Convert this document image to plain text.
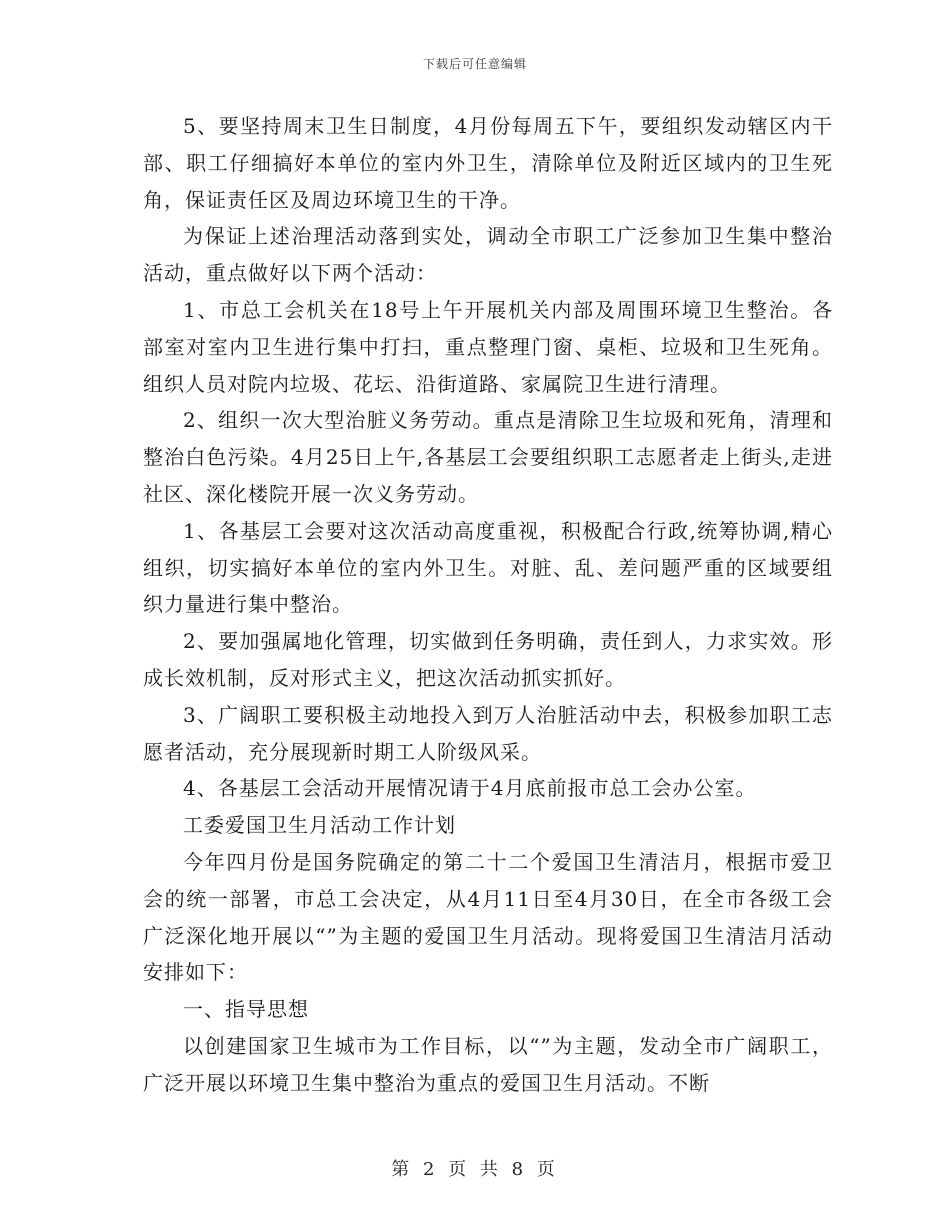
下载后可任意编辑

5、要坚持周末卫生日制度，4月份每周五下午，要组织发动辖区内干部、职工仔细搞好本单位的室内外卫生，清除单位及附近区域内的卫生死角，保证责任区及周边环境卫生的干净。

为保证上述治理活动落到实处，调动全市职工广泛参加卫生集中整治活动，重点做好以下两个活动：

1、市总工会机关在18号上午开展机关内部及周围环境卫生整治。各部室对室内卫生进行集中打扫，重点整理门窗、桌柜、垃圾和卫生死角。组织人员对院内垃圾、花坛、沿街道路、家属院卫生进行清理。

2、组织一次大型治脏义务劳动。重点是清除卫生垃圾和死角，清理和整治白色污染。4月25日上午,各基层工会要组织职工志愿者走上街头,走进社区、深化楼院开展一次义务劳动。

1、各基层工会要对这次活动高度重视，积极配合行政,统筹协调,精心组织，切实搞好本单位的室内外卫生。对脏、乱、差问题严重的区域要组织力量进行集中整治。

2、要加强属地化管理，切实做到任务明确，责任到人，力求实效。形成长效机制，反对形式主义，把这次活动抓实抓好。

3、广阔职工要积极主动地投入到万人治脏活动中去，积极参加职工志愿者活动，充分展现新时期工人阶级风采。

4、各基层工会活动开展情况请于4月底前报市总工会办公室。

工委爱国卫生月活动工作计划

今年四月份是国务院确定的第二十二个爱国卫生清洁月，根据市爱卫会的统一部署，市总工会决定，从4月11日至4月30日，在全市各级工会广泛深化地开展以“”为主题的爱国卫生月活动。现将爱国卫生清洁月活动安排如下：

一、指导思想

以创建国家卫生城市为工作目标，以“”为主题，发动全市广阔职工，广泛开展以环境卫生集中整治为重点的爱国卫生月活动。不断

第 2 页 共 8 页
